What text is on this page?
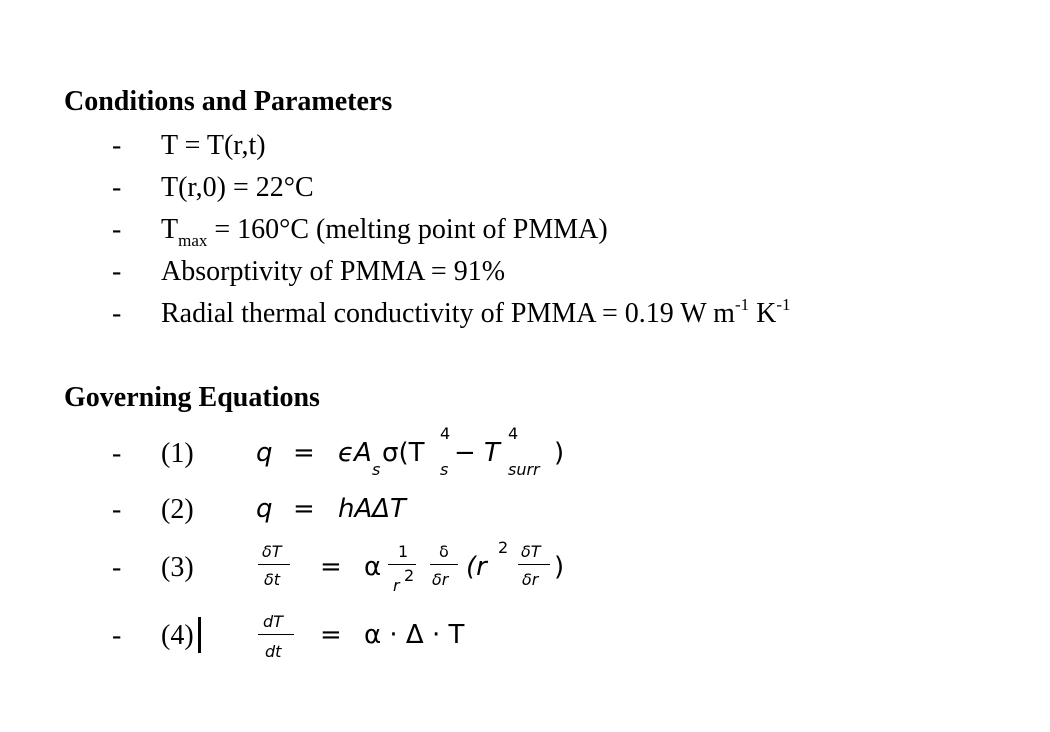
Conditions and Parameters
- T = T(r,t)
- T(r,0) = 22°C
- $T_{max} = 160^\circ C$ (melting point of PMMA)
- Absorptivity of PMMA = 91%
- Radial thermal conductivity of PMMA = 0.19 W $m^{-1}$ $K^{-1}$
Governing Equations
- (1) q = ϵA
s
σ(T
4
s
− T
4
surr
)
- (2) q = hAΔT
- (3)
δT
δt = α
1
r
2
δ
δr (r
2 δT
δr )
- (4)	dT
dt
= α · Δ · T
